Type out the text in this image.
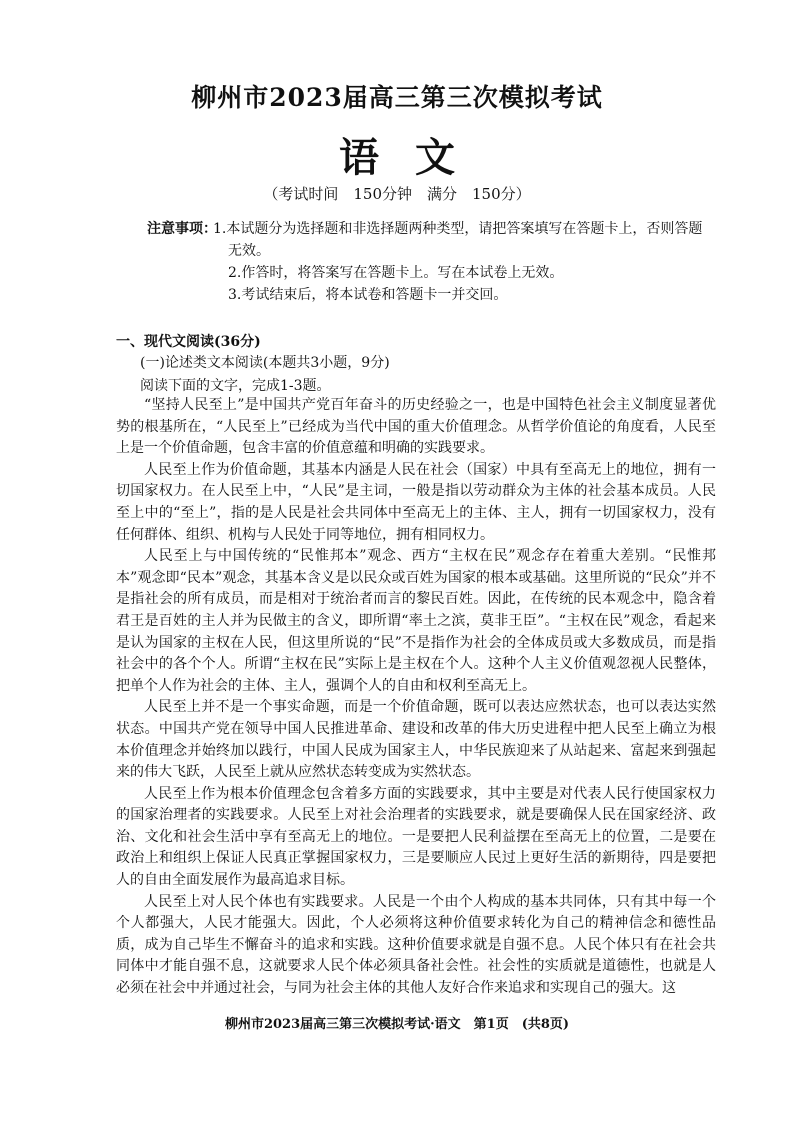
柳州市2023届高三第三次模拟考试
语文
（考试时间　150分钟　满分　150分）
注意事项：
1.本试题分为选择题和非选择题两种类型，请把答案填写在答题卡上，否则答题
无效。
2.作答时，将答案写在答题卡上。写在本试卷上无效。
3.考试结束后，将本试卷和答题卡一并交回。
一、现代文阅读(36分)
(一)论述类文本阅读(本题共3小题，9分)
阅读下面的文字，完成1-3题。

“坚持人民至上”是中国共产党百年奋斗的历史经验之一，也是中国特色社会主义制度显著优势的根基所在，“人民至上”已经成为当代中国的重大价值理念。从哲学价值论的角度看，人民至上是一个价值命题，包含丰富的价值意蕴和明确的实践要求。

人民至上作为价值命题，其基本内涵是人民在社会（国家）中具有至高无上的地位，拥有一切国家权力。在人民至上中，“人民”是主词，一般是指以劳动群众为主体的社会基本成员。人民至上中的“至上”，指的是人民是社会共同体中至高无上的主体、主人，拥有一切国家权力，没有任何群体、组织、机构与人民处于同等地位，拥有相同权力。

人民至上与中国传统的“民惟邦本”观念、西方“主权在民”观念存在着重大差别。“民惟邦本”观念即“民本”观念，其基本含义是以民众或百姓为国家的根本或基础。这里所说的“民众”并不是指社会的所有成员，而是相对于统治者而言的黎民百姓。因此，在传统的民本观念中，隐含着君王是百姓的主人并为民做主的含义，即所谓“率土之滨，莫非王臣”。“主权在民”观念，看起来是认为国家的主权在人民，但这里所说的“民”不是指作为社会的全体成员或大多数成员，而是指社会中的各个个人。所谓“主权在民”实际上是主权在个人。这种个人主义价值观忽视人民整体，把单个人作为社会的主体、主人，强调个人的自由和权利至高无上。

人民至上并不是一个事实命题，而是一个价值命题，既可以表达应然状态，也可以表达实然状态。中国共产党在领导中国人民推进革命、建设和改革的伟大历史进程中把人民至上确立为根本价值理念并始终加以践行，中国人民成为国家主人，中华民族迎来了从站起来、富起来到强起来的伟大飞跃，人民至上就从应然状态转变成为实然状态。

人民至上作为根本价值理念包含着多方面的实践要求，其中主要是对代表人民行使国家权力的国家治理者的实践要求。人民至上对社会治理者的实践要求，就是要确保人民在国家经济、政治、文化和社会生活中享有至高无上的地位。一是要把人民利益摆在至高无上的位置，二是要在政治上和组织上保证人民真正掌握国家权力，三是要顺应人民过上更好生活的新期待，四是要把人的自由全面发展作为最高追求目标。

人民至上对人民个体也有实践要求。人民是一个由个人构成的基本共同体，只有其中每一个个人都强大，人民才能强大。因此，个人必须将这种价值要求转化为自己的精神信念和德性品质，成为自己毕生不懈奋斗的追求和实践。这种价值要求就是自强不息。人民个体只有在社会共同体中才能自强不息，这就要求人民个体必须具备社会性。社会性的实质就是道德性，也就是人必须在社会中并通过社会，与同为社会主体的其他人友好合作来追求和实现自己的强大。这

柳州市2023届高三第三次模拟考试·语文　第1页　(共8页)
